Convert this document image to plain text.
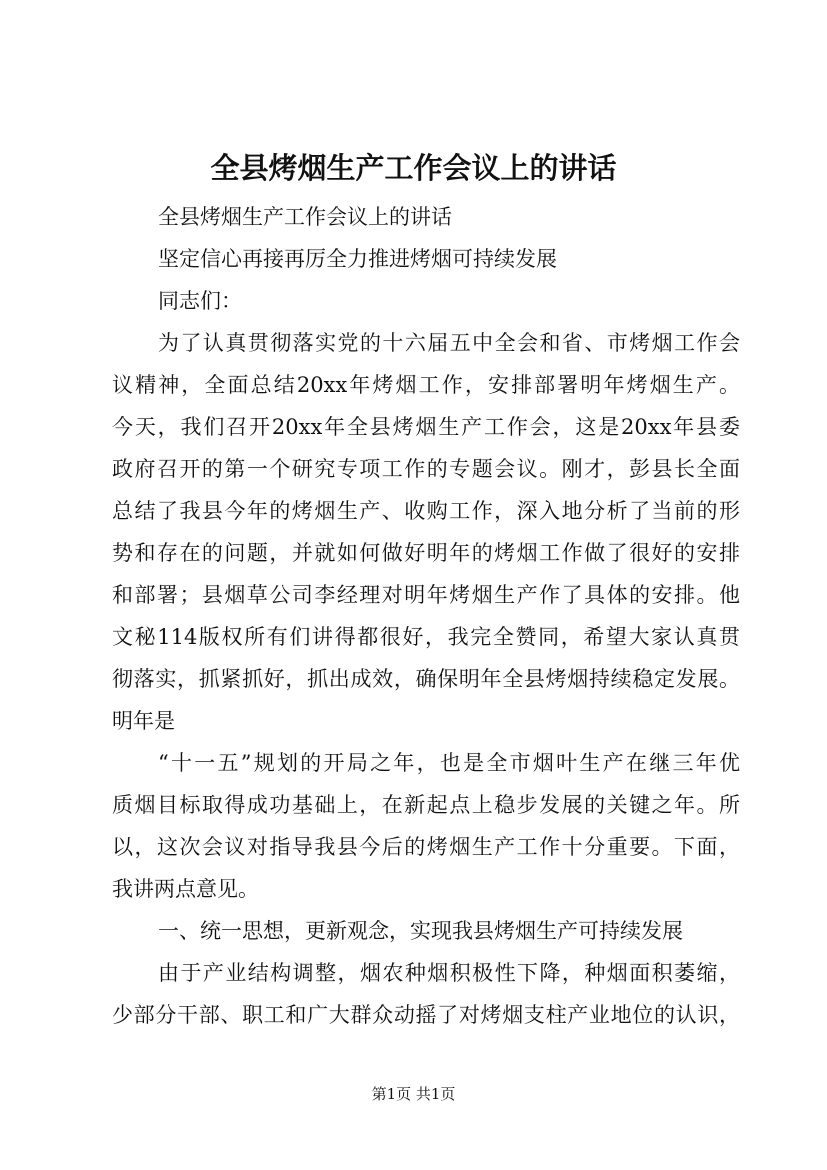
全县烤烟生产工作会议上的讲话
全县烤烟生产工作会议上的讲话
坚定信心再接再厉全力推进烤烟可持续发展
同志们：
为了认真贯彻落实党的十六届五中全会和省、市烤烟工作会
议精神，全面总结20xx年烤烟工作，安排部署明年烤烟生产。
今天，我们召开20xx年全县烤烟生产工作会，这是20xx年县委
政府召开的第一个研究专项工作的专题会议。刚才，彭县长全面
总结了我县今年的烤烟生产、收购工作，深入地分析了当前的形
势和存在的问题，并就如何做好明年的烤烟工作做了很好的安排
和部署；县烟草公司李经理对明年烤烟生产作了具体的安排。他
文秘114版权所有们讲得都很好，我完全赞同，希望大家认真贯
彻落实，抓紧抓好，抓出成效，确保明年全县烤烟持续稳定发展。
明年是
“十一五”规划的开局之年，也是全市烟叶生产在继三年优
质烟目标取得成功基础上，在新起点上稳步发展的关键之年。所
以，这次会议对指导我县今后的烤烟生产工作十分重要。下面，
我讲两点意见。
一、统一思想，更新观念，实现我县烤烟生产可持续发展
由于产业结构调整，烟农种烟积极性下降，种烟面积萎缩，
少部分干部、职工和广大群众动摇了对烤烟支柱产业地位的认识，
第1页 共1页
